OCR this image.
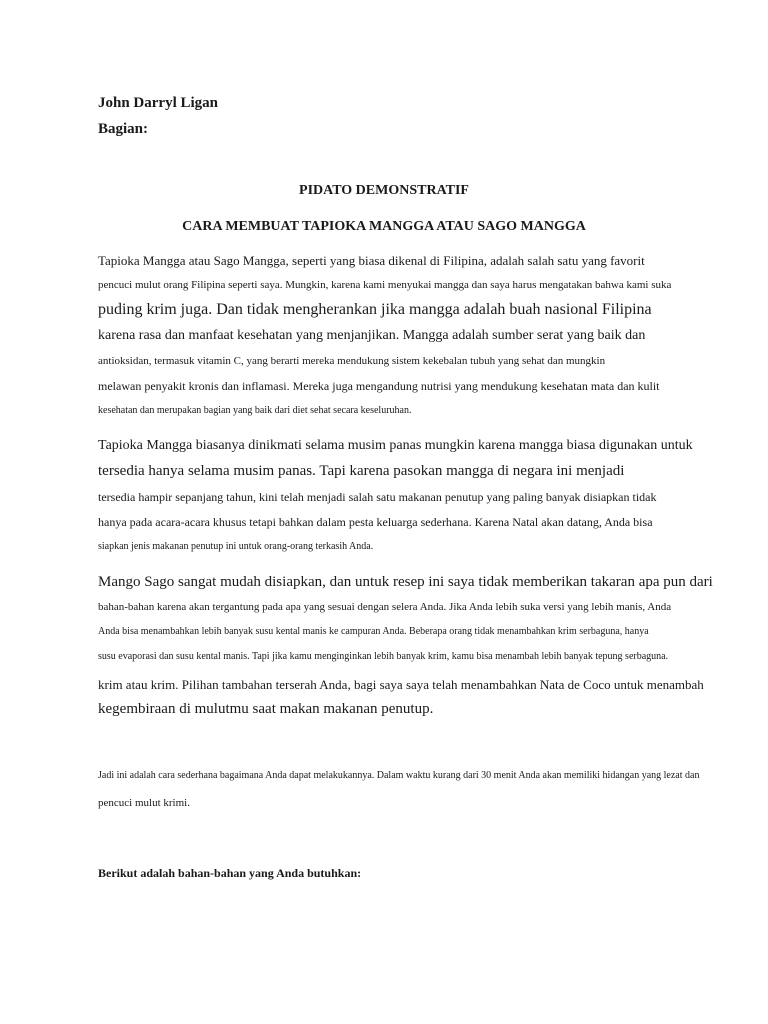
John Darryl Ligan

Bagian:

PIDATO DEMONSTRATIF

CARA MEMBUAT TAPIOKA MANGGA ATAU SAGO MANGGA

Tapioka Mangga atau Sago Mangga, seperti yang biasa dikenal di Filipina, adalah salah satu yang favorit

pencuci mulut orang Filipina seperti saya. Mungkin, karena kami menyukai mangga dan saya harus mengatakan bahwa kami suka

puding krim juga. Dan tidak mengherankan jika mangga adalah buah nasional Filipina

karena rasa dan manfaat kesehatan yang menjanjikan. Mangga adalah sumber serat yang baik dan

antioksidan, termasuk vitamin C, yang berarti mereka mendukung sistem kekebalan tubuh yang sehat dan mungkin

melawan penyakit kronis dan inflamasi. Mereka juga mengandung nutrisi yang mendukung kesehatan mata dan kulit

kesehatan dan merupakan bagian yang baik dari diet sehat secara keseluruhan.

Tapioka Mangga biasanya dinikmati selama musim panas mungkin karena mangga biasa digunakan untuk

tersedia hanya selama musim panas. Tapi karena pasokan mangga di negara ini menjadi

tersedia hampir sepanjang tahun, kini telah menjadi salah satu makanan penutup yang paling banyak disiapkan tidak

hanya pada acara-acara khusus tetapi bahkan dalam pesta keluarga sederhana. Karena Natal akan datang, Anda bisa

siapkan jenis makanan penutup ini untuk orang-orang terkasih Anda.

Mango Sago sangat mudah disiapkan, dan untuk resep ini saya tidak memberikan takaran apa pun dari

bahan-bahan karena akan tergantung pada apa yang sesuai dengan selera Anda. Jika Anda lebih suka versi yang lebih manis, Anda

Anda bisa menambahkan lebih banyak susu kental manis ke campuran Anda. Beberapa orang tidak menambahkan krim serbaguna, hanya

susu evaporasi dan susu kental manis. Tapi jika kamu menginginkan lebih banyak krim, kamu bisa menambah lebih banyak tepung serbaguna.

krim atau krim. Pilihan tambahan terserah Anda, bagi saya saya telah menambahkan Nata de Coco untuk menambah

kegembiraan di mulutmu saat makan makanan penutup.

Jadi ini adalah cara sederhana bagaimana Anda dapat melakukannya. Dalam waktu kurang dari 30 menit Anda akan memiliki hidangan yang lezat dan

pencuci mulut krimi.

Berikut adalah bahan-bahan yang Anda butuhkan:
